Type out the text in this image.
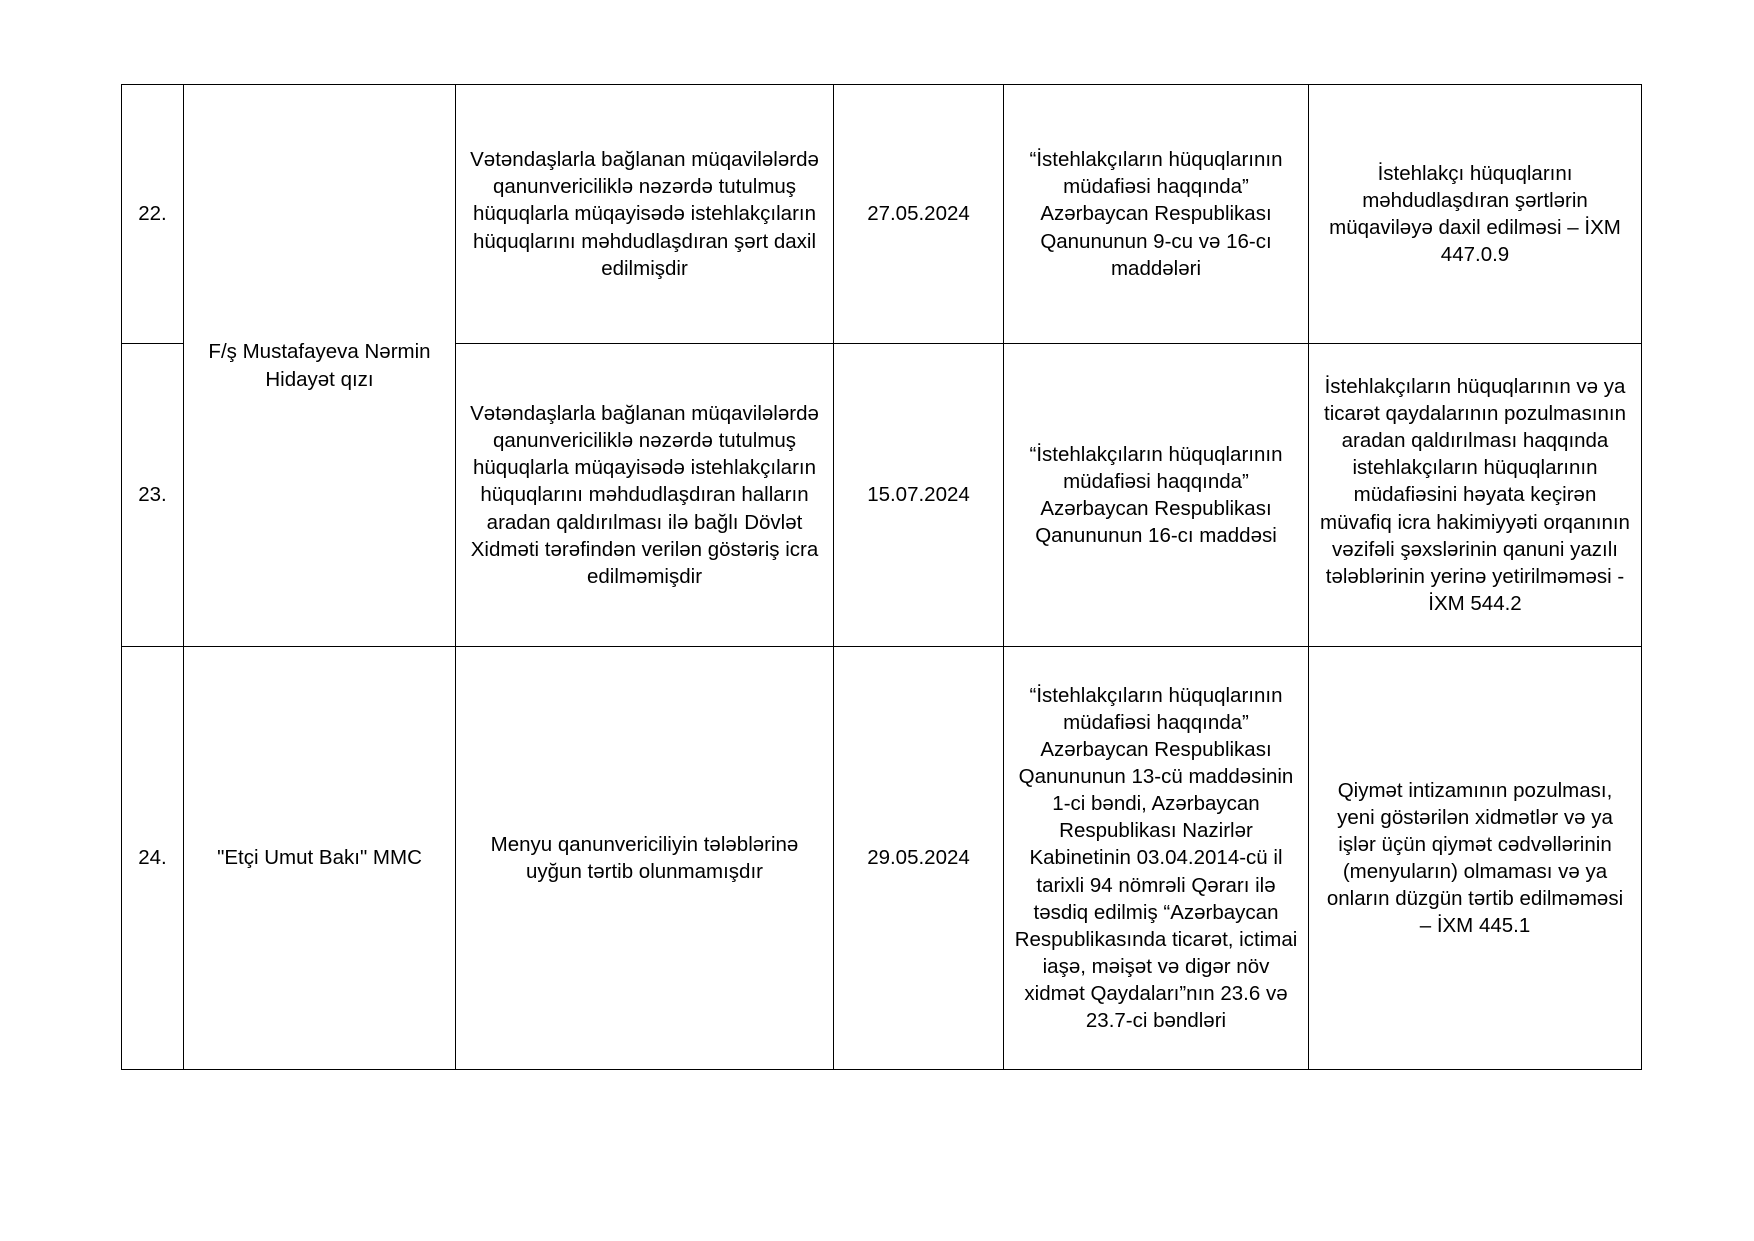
22.	F/ş Mustafayeva Nərmin Hidayət qızı	Vətəndaşlarla bağlanan müqavilələrdə qanunvericiliklə nəzərdə tutulmuş hüquqlarla müqayisədə istehlakçıların hüquqlarını məhdudlaşdıran şərt daxil edilmişdir	27.05.2024	“İstehlakçıların hüquqlarının müdafiəsi haqqında” Azərbaycan Respublikası Qanununun 9-cu və 16-cı maddələri	İstehlakçı hüquqlarını məhdudlaşdıran şərtlərin müqaviləyə daxil edilməsi – İXM 447.0.9
23.	Vətəndaşlarla bağlanan müqavilələrdə qanunvericiliklə nəzərdə tutulmuş hüquqlarla müqayisədə istehlakçıların hüquqlarını məhdudlaşdıran halların aradan qaldırılması ilə bağlı Dövlət Xidməti tərəfindən verilən göstəriş icra edilməmişdir	15.07.2024	“İstehlakçıların hüquqlarının müdafiəsi haqqında” Azərbaycan Respublikası Qanununun 16-cı maddəsi	İstehlakçıların hüquqlarının və ya ticarət qaydalarının pozulmasının aradan qaldırılması haqqında istehlakçıların hüquqlarının müdafiəsini həyata keçirən müvafiq icra hakimiyyəti orqanının vəzifəli şəxslərinin qanuni yazılı tələblərinin yerinə yetirilməməsi - İXM 544.2
24.	"Etçi Umut Bakı" MMC	Menyu qanunvericiliyin tələblərinə uyğun tərtib olunmamışdır	29.05.2024	“İstehlakçıların hüquqlarının müdafiəsi haqqında” Azərbaycan Respublikası Qanununun 13-cü maddəsinin 1-ci bəndi, Azərbaycan Respublikası Nazirlər Kabinetinin 03.04.2014-cü il tarixli 94 nömrəli Qərarı ilə təsdiq edilmiş “Azərbaycan Respublikasında ticarət, ictimai iaşə, məişət və digər növ xidmət Qaydaları”nın 23.6 və 23.7-ci bəndləri	Qiymət intizamının pozulması, yeni göstərilən xidmətlər və ya işlər üçün qiymət cədvəllərinin (menyuların) olmaması və ya onların düzgün tərtib edilməməsi – İXM 445.1
